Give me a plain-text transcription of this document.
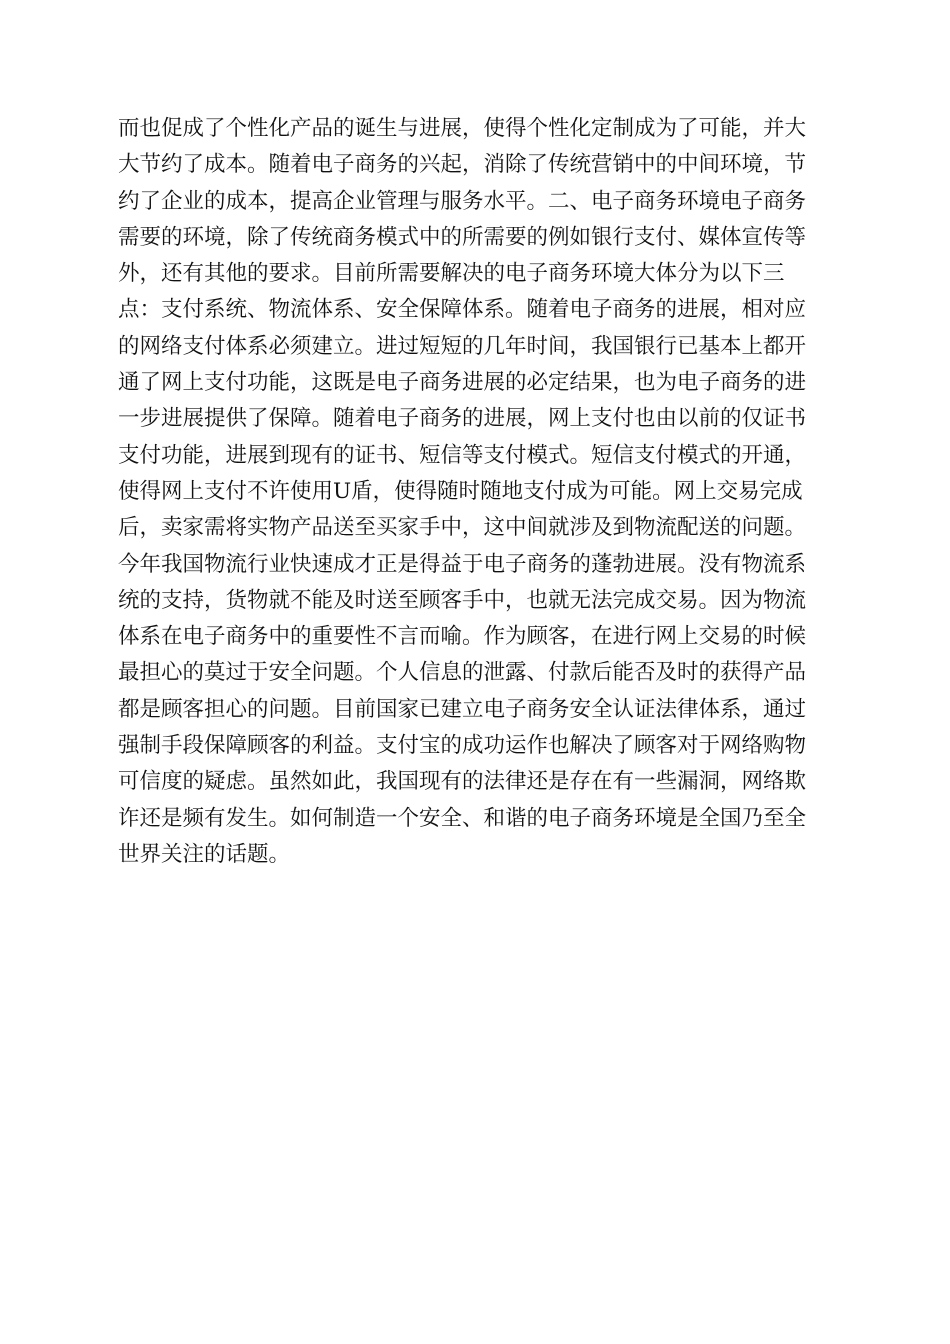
而也促成了个性化产品的诞生与进展，使得个性化定制成为了可能，并大
大节约了成本。随着电子商务的兴起，消除了传统营销中的中间环境，节
约了企业的成本，提高企业管理与服务水平。二、电子商务环境电子商务
需要的环境，除了传统商务模式中的所需要的例如银行支付、媒体宣传等
外，还有其他的要求。目前所需要解决的电子商务环境大体分为以下三
点：支付系统、物流体系、安全保障体系。随着电子商务的进展，相对应
的网络支付体系必须建立。进过短短的几年时间，我国银行已基本上都开
通了网上支付功能，这既是电子商务进展的必定结果，也为电子商务的进
一步进展提供了保障。随着电子商务的进展，网上支付也由以前的仅证书
支付功能，进展到现有的证书、短信等支付模式。短信支付模式的开通，
使得网上支付不许使用U盾，使得随时随地支付成为可能。网上交易完成
后，卖家需将实物产品送至买家手中，这中间就涉及到物流配送的问题。
今年我国物流行业快速成才正是得益于电子商务的蓬勃进展。没有物流系
统的支持，货物就不能及时送至顾客手中，也就无法完成交易。因为物流
体系在电子商务中的重要性不言而喻。作为顾客，在进行网上交易的时候
最担心的莫过于安全问题。个人信息的泄露、付款后能否及时的获得产品
都是顾客担心的问题。目前国家已建立电子商务安全认证法律体系，通过
强制手段保障顾客的利益。支付宝的成功运作也解决了顾客对于网络购物
可信度的疑虑。虽然如此，我国现有的法律还是存在有一些漏洞，网络欺
诈还是频有发生。如何制造一个安全、和谐的电子商务环境是全国乃至全
世界关注的话题。
